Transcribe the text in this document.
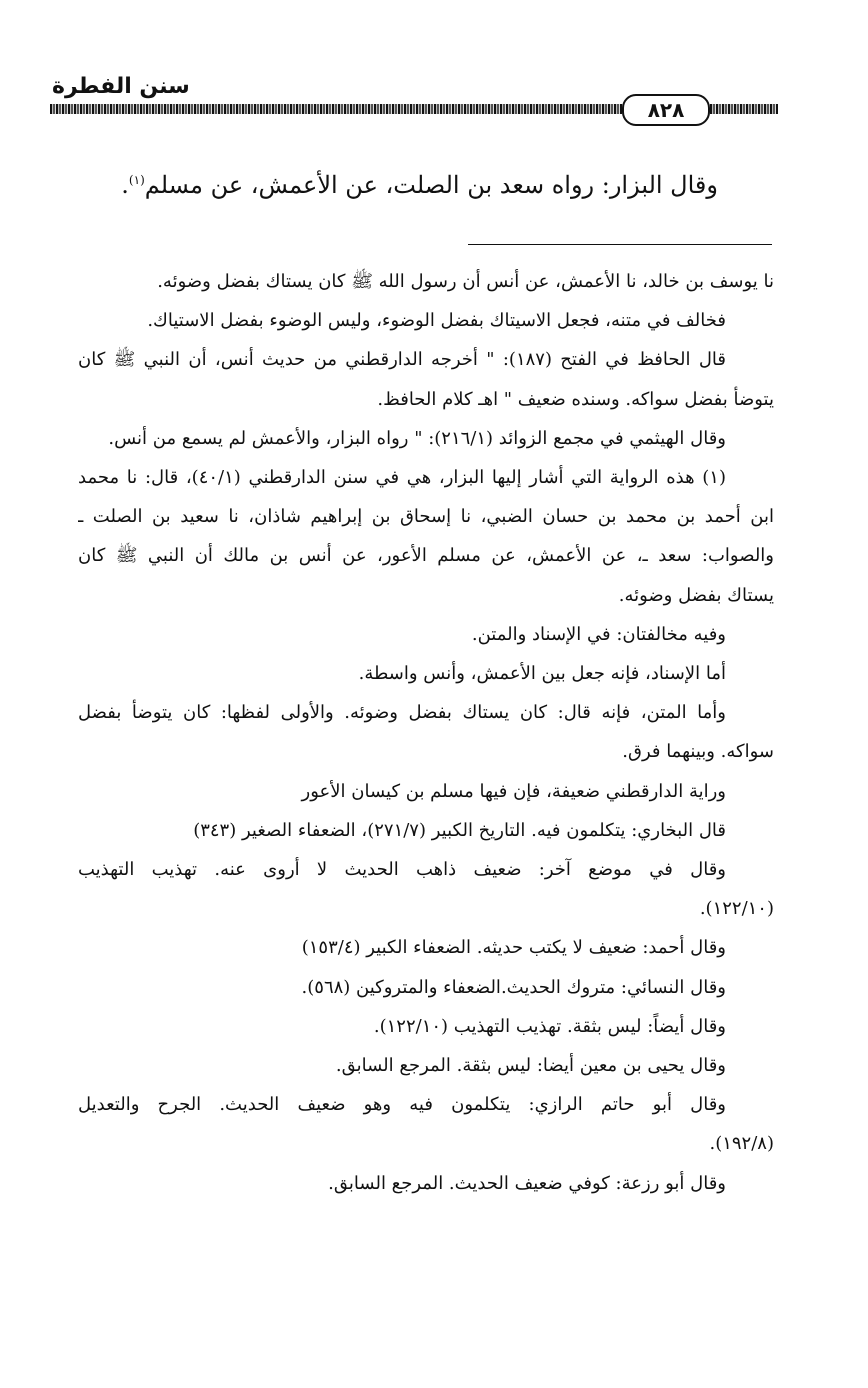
سنن الفطرة
٨٢٨
وقال البزار: رواه سعد بن الصلت، عن الأعمش، عن مسلم$^{(١)}$.

نا يوسف بن خالد، نا الأعمش، عن أنس أن رسول الله ﷺ كان يستاك بفضل وضوئه.

فخالف في متنه، فجعل الاسيتاك بفضل الوضوء، وليس الوضوء بفضل الاستياك.

قال الحافظ في الفتح (١٨٧): " أخرجه الدارقطني من حديث أنس، أن النبي ﷺ كان

يتوضأ بفضل سواكه. وسنده ضعيف " اهـ كلام الحافظ.

وقال الهيثمي في مجمع الزوائد (٢١٦/١): " رواه البزار، والأعمش لم يسمع من أنس.

(١) هذه الرواية التي أشار إليها البزار، هي في سنن الدارقطني (٤٠/١)، قال: نا محمد

ابن أحمد بن محمد بن حسان الضبي، نا إسحاق بن إبراهيم شاذان، نا سعيد بن الصلت ـ

والصواب: سعد ـ، عن الأعمش، عن مسلم الأعور، عن أنس بن مالك أن النبي ﷺ كان

يستاك بفضل وضوئه.

وفيه مخالفتان: في الإسناد والمتن.

أما الإسناد، فإنه جعل بين الأعمش، وأنس واسطة.

وأما المتن، فإنه قال: كان يستاك بفضل وضوئه. والأولى لفظها: كان يتوضأ بفضل

سواكه. وبينهما فرق.

وراية الدارقطني ضعيفة، فإن فيها مسلم بن كيسان الأعور

قال البخاري: يتكلمون فيه. التاريخ الكبير (٢٧١/٧)، الضعفاء الصغير (٣٤٣)

وقال في موضع آخر: ضعيف ذاهب الحديث لا أروى عنه. تهذيب التهذيب

(١٢٢/١٠).

وقال أحمد: ضعيف لا يكتب حديثه. الضعفاء الكبير (١٥٣/٤)

وقال النسائي: متروك الحديث.الضعفاء والمتروكين (٥٦٨).

وقال أيضاً: ليس بثقة. تهذيب التهذيب (١٢٢/١٠).

وقال يحيى بن معين أيضا: ليس بثقة. المرجع السابق.

وقال أبو حاتم الرازي: يتكلمون فيه وهو ضعيف الحديث. الجرح والتعديل

(١٩٢/٨).

وقال أبو رزعة: كوفي ضعيف الحديث. المرجع السابق.
